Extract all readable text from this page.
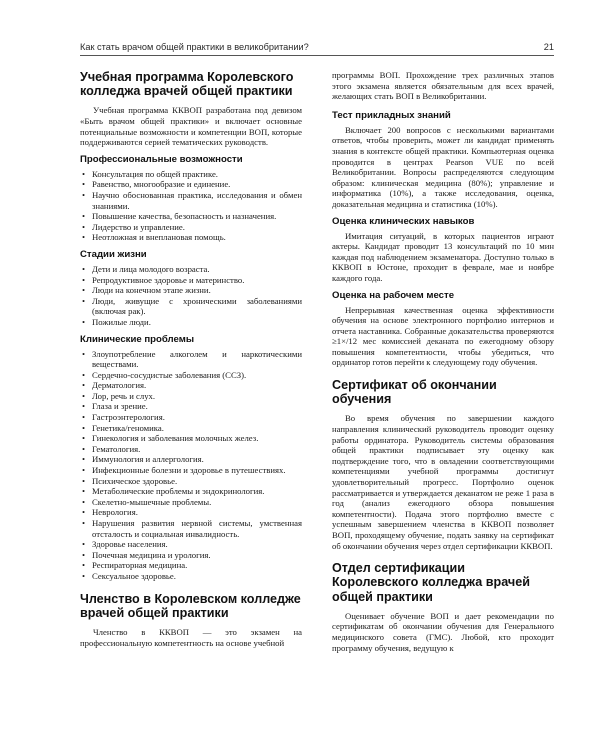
Как стать врачом общей практики в великобритании?	21
Учебная программа Королевского колледжа врачей общей практики

Учебная программа ККВОП разработана под девизом «Быть врачом общей практики» и включает основные потенциальные возможности и компетенции ВОП, которые поддерживаются серией тематических руководств.

Профессиональные возможности
• Консультация по общей практике.
• Равенство, многообразие и единение.
• Научно обоснованная практика, исследования и обмен знаниями.
• Повышение качества, безопасность и назначения.
• Лидерство и управление.
• Неотложная и внеплановая помощь.
Стадии жизни
• Дети и лица молодого возраста.
• Репродуктивное здоровье и материнство.
• Люди на конечном этапе жизни.
• Люди, живущие с хроническими заболеваниями (включая рак).
• Пожилые люди.
Клинические проблемы
• Злоупотребление алкоголем и наркотическими веществами.
• Сердечно-сосудистые заболевания (ССЗ).
• Дерматология.
• Лор, речь и слух.
• Глаза и зрение.
• Гастроэнтерология.
• Генетика/геномика.
• Гинекология и заболевания молочных желез.
• Гематология.
• Иммунология и аллергология.
• Инфекционные болезни и здоровье в путешествиях.
• Психическое здоровье.
• Метаболические проблемы и эндокринология.
• Скелетно-мышечные проблемы.
• Неврология.
• Нарушения развития нервной системы, умственная отсталость и социальная инвалидность.
• Здоровье населения.
• Почечная медицина и урология.
• Респираторная медицина.
• Сексуальное здоровье.
Членство в Королевском колледже врачей общей практики

Членство в ККВОП — это экзамен на профессиональную компетентность на основе учебной

программы ВОП. Прохождение трех различных этапов этого экзамена является обязательным для всех врачей, желающих стать ВОП в Великобритании.

Тест прикладных знаний

Включает 200 вопросов с несколькими вариантами ответов, чтобы проверить, может ли кандидат применять знания в контексте общей практики. Компьютерная оценка проводится в центрах Pearson VUE по всей Великобритании. Вопросы распределяются следующим образом: клиническая медицина (80%); управление и информатика (10%), а также исследования, оценка, доказательная медицина и статистика (10%).

Оценка клинических навыков

Имитация ситуаций, в которых пациентов играют актеры. Кандидат проводит 13 консультаций по 10 мин каждая под наблюдением экзаменатора. Доступно только в ККВОП в Юстоне, проходит в феврале, мае и ноябре каждого года.

Оценка на рабочем месте

Непрерывная качественная оценка эффективности обучения на основе электронного портфолио интернов и отчета наставника. Собранные доказательства проверяются ≥1×/12 мес комиссией деканата по ежегодному обзору повышения компетентности, чтобы убедиться, что ординатор готов перейти к следующему году обучения.

Сертификат об окончании обучения

Во время обучения по завершении каждого направления клинический руководитель проводит оценку работы ординатора. Руководитель системы образования общей практики подписывает эту оценку как подтверждение того, что в овладении соответствующими компетенциями учебной программы достигнут удовлетворительный прогресс. Портфолио оценок рассматривается и утверждается деканатом не реже 1 раза в год (анализ ежегодного обзора повышения компетентности). Подача этого портфолио вместе с успешным завершением членства в ККВОП позволяет ВОП, проходящему обучение, подать заявку на сертификат об окончании обучения через отдел сертификации ККВОП.

Отдел сертификации Королевского колледжа врачей общей практики

Оценивает обучение ВОП и дает рекомендации по сертификатам об окончании обучения для Генерального медицинского совета (ГМС). Любой, кто проходит программу обучения, ведущую к
